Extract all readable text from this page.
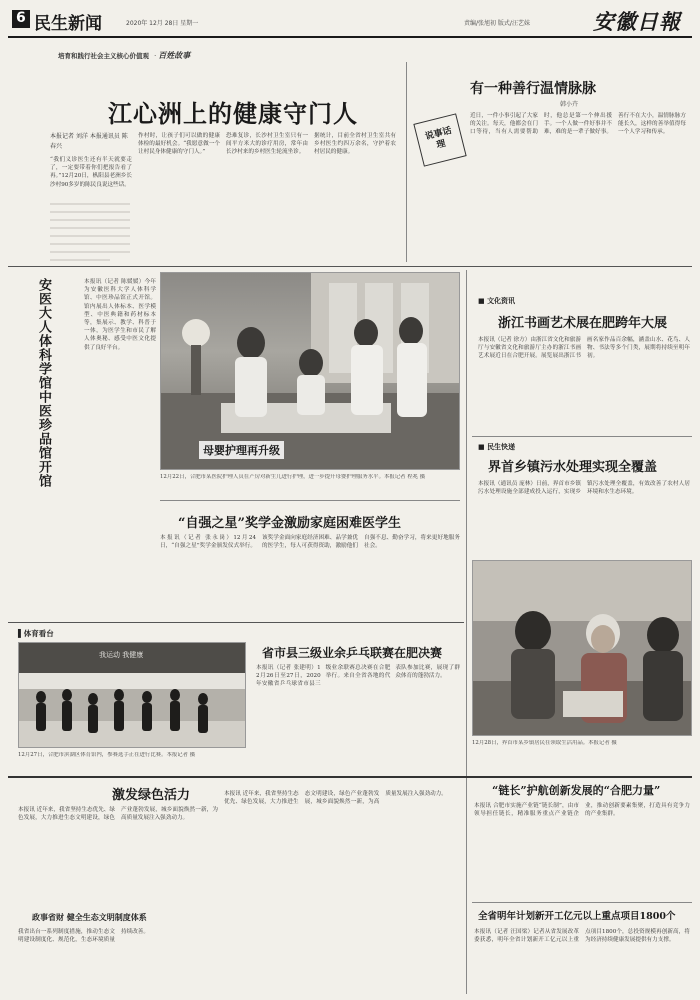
6 民生新闻	2020年 12月 28日 星期一	责编/张旭初 版式/汪艺妹	安徽日報
培育和践行社会主义核心价值观 · 百姓故事
江心洲上的健康守门人
本报记者 刘洋 本报通讯员 陈春兴
“我们义诊医生还有半天就要走了，一定要带着你们把报告看了再。”12月20日，枞阳县老洲乡长沙村90多岁的陈民良说这些话。
作村时，让孩子们可以做的健康体检的最好机会。“我愿意做一个让村民身体健康的守门人。”
恐难复诊，长沙村卫生室只有一间平方米大的诊疗用房，常年由长沙村来的乡村医生轮流坐诊。
据统计，目前全省村卫生室共有乡村医生约四万余名，守护着农村居民的健康。
有一种善行温情脉脉
韩小卉
说事话理
近日，一件小事引起了大家的关注。每天，他都会在门口等待，当有人需要帮助时，他总是第一个伸出援手。一个人做一件好事并不难，难的是一辈子做好事。善行不在大小，温情脉脉方能长久，这样的善举值得每一个人学习和传承。
安医大人体科学馆中医珍品馆开馆	本报讯（记者 陈媛媛）今年为安徽医科大学人体科学馆、中医珍品馆正式开馆。馆内展出人体标本、医学模型、中医典籍和药材标本等，集展示、教学、科普于一体，为医学生和市民了解人体奥秘、感受中医文化提供了良好平台。
母婴护理再升级
12月22日，合肥市某医院护理人员在产房对新生儿进行护理，进一步提升母婴护理服务水平。本报记者 程兆 摄
“自强之星”奖学金激励家庭困难医学生
本报讯（记者 张永岗）12月24日，“自强之星”奖学金颁发仪式举行。该奖学金面向家庭经济困难、品学兼优的医学生，每人可获得资助，激励他们自强不息、勤奋学习，将来更好地服务社会。
■ 文化资讯
浙江书画艺术展在肥跨年大展
本报讯（记者 徐方）由浙江省文化和旅游厅与安徽省文化和旅游厅主办的浙江书画艺术展近日在合肥开展。展览展出浙江书画名家作品百余幅，涵盖山水、花鸟、人物、书法等多个门类，展期将持续至明年初。
■ 民生快递
界首乡镇污水处理实现全覆盖
本报讯（通讯员 庞林）日前，界首市乡镇污水处理设施全部建成投入运行，实现乡镇污水处理全覆盖，有效改善了农村人居环境和水生态环境。
12月28日，界首市某乡镇居民在领取生活用品。本报记者 摄
▌体育看台
我运动 我健康	省市县三级业余乒乓联赛在肥决赛
本报讯（记者 张建明）12月26日至27日，2020年安徽省乒乓球省市县三级业余联赛总决赛在合肥举行。来自全省各地的代表队参加比赛，展现了群众体育的蓬勃活力。
12月27日，合肥市滨湖区体育馆内，参赛选手正在进行比赛。本报记者 摄
激发绿色活力
本报讯 近年来，我省坚持生态优先、绿色发展，大力推进生态文明建设，绿色产业蓬勃发展，城乡面貌焕然一新，为高质量发展注入强劲动力。
政事省财 健全生态文明制度体系
我省出台一系列制度措施，推动生态文明建设制度化、规范化，生态环境质量持续改善。
本报讯 近年来，我省坚持生态优先、绿色发展，大力推进生态文明建设，绿色产业蓬勃发展，城乡面貌焕然一新，为高质量发展注入强劲动力。	“链长”护航创新发展的“合肥力量”
本报讯 合肥市实施产业链“链长制”，由市领导担任链长，精准服务重点产业链企业，推动创新要素集聚，打造具有竞争力的产业集群。
全省明年计划新开工亿元以上重点项目1800个
本报讯（记者 汪国梁）记者从省发展改革委获悉，明年全省计划新开工亿元以上重点项目1800个，总投资规模再创新高，将为经济持续健康发展提供有力支撑。
